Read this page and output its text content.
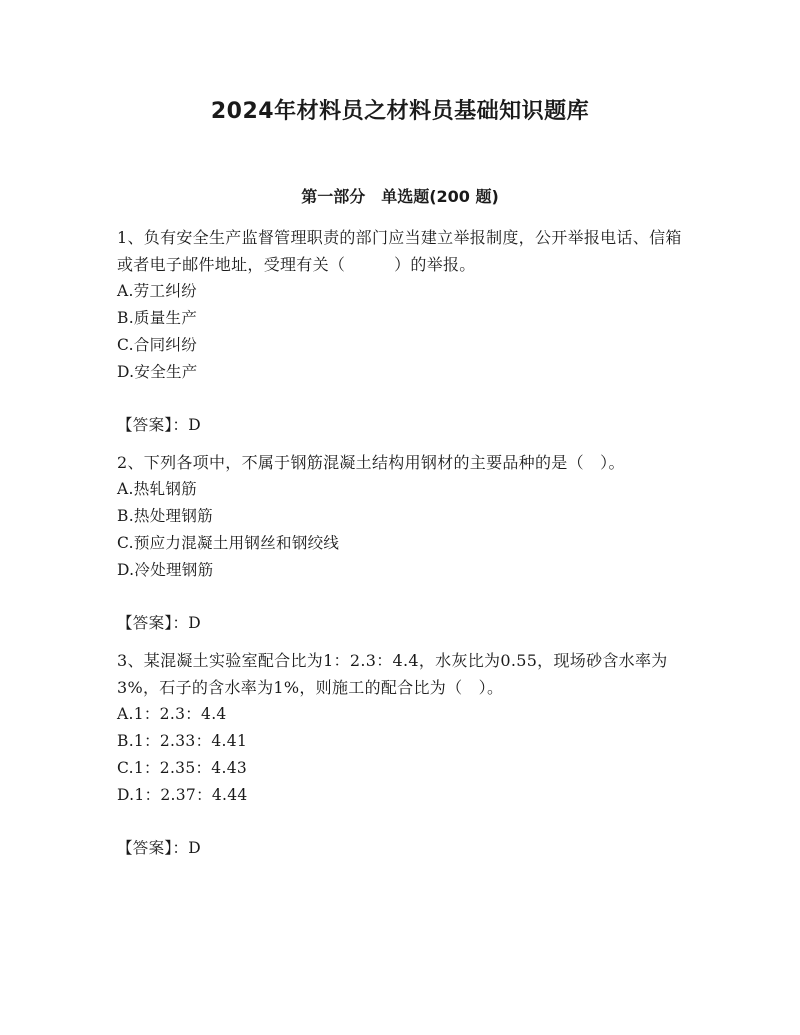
2024年材料员之材料员基础知识题库
第一部分　单选题(200 题)
1、负有安全生产监督管理职责的部门应当建立举报制度，公开举报电话、信箱或者电子邮件地址，受理有关（　　　）的举报。
A.劳工纠纷
B.质量生产
C.合同纠纷
D.安全生产
【答案】：D
2、下列各项中，不属于钢筋混凝土结构用钢材的主要品种的是（　）。
A.热轧钢筋
B.热处理钢筋
C.预应力混凝土用钢丝和钢绞线
D.冷处理钢筋
【答案】：D
3、某混凝土实验室配合比为1：2.3：4.4，水灰比为0.55，现场砂含水率为3%，石子的含水率为1%，则施工的配合比为（　）。
A.1：2.3：4.4
B.1：2.33：4.41
C.1：2.35：4.43
D.1：2.37：4.44
【答案】：D
